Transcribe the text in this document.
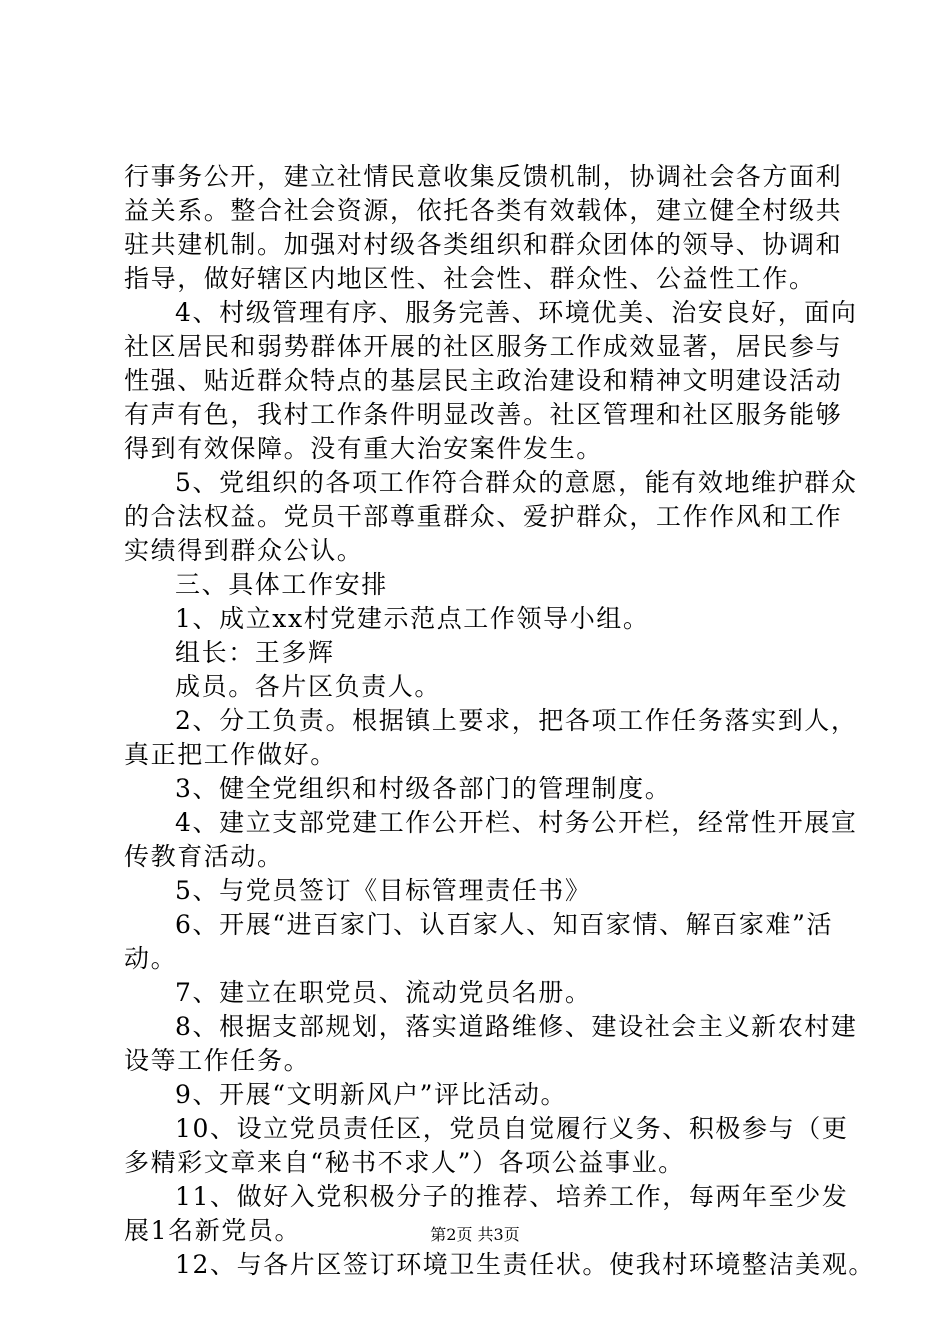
行事务公开，建立社情民意收集反馈机制，协调社会各方面利
益关系。整合社会资源，依托各类有效载体，建立健全村级共
驻共建机制。加强对村级各类组织和群众团体的领导、协调和
指导，做好辖区内地区性、社会性、群众性、公益性工作。
4、村级管理有序、服务完善、环境优美、治安良好，面向
社区居民和弱势群体开展的社区服务工作成效显著，居民参与
性强、贴近群众特点的基层民主政治建设和精神文明建设活动
有声有色，我村工作条件明显改善。社区管理和社区服务能够
得到有效保障。没有重大治安案件发生。
5、党组织的各项工作符合群众的意愿，能有效地维护群众
的合法权益。党员干部尊重群众、爱护群众，工作作风和工作
实绩得到群众公认。
三、具体工作安排
1、成立xx村党建示范点工作领导小组。
组长：王多辉
成员。各片区负责人。
2、分工负责。根据镇上要求，把各项工作任务落实到人，
真正把工作做好。
3、健全党组织和村级各部门的管理制度。
4、建立支部党建工作公开栏、村务公开栏，经常性开展宣
传教育活动。
5、与党员签订《目标管理责任书》
6、开展“进百家门、认百家人、知百家情、解百家难”活
动。
7、建立在职党员、流动党员名册。
8、根据支部规划，落实道路维修、建设社会主义新农村建
设等工作任务。
9、开展“文明新风户”评比活动。
10、设立党员责任区，党员自觉履行义务、积极参与（更
多精彩文章来自“秘书不求人”）各项公益事业。
11、做好入党积极分子的推荐、培养工作，每两年至少发
展1名新党员。
12、与各片区签订环境卫生责任状。使我村环境整洁美观。
第2页 共3页
